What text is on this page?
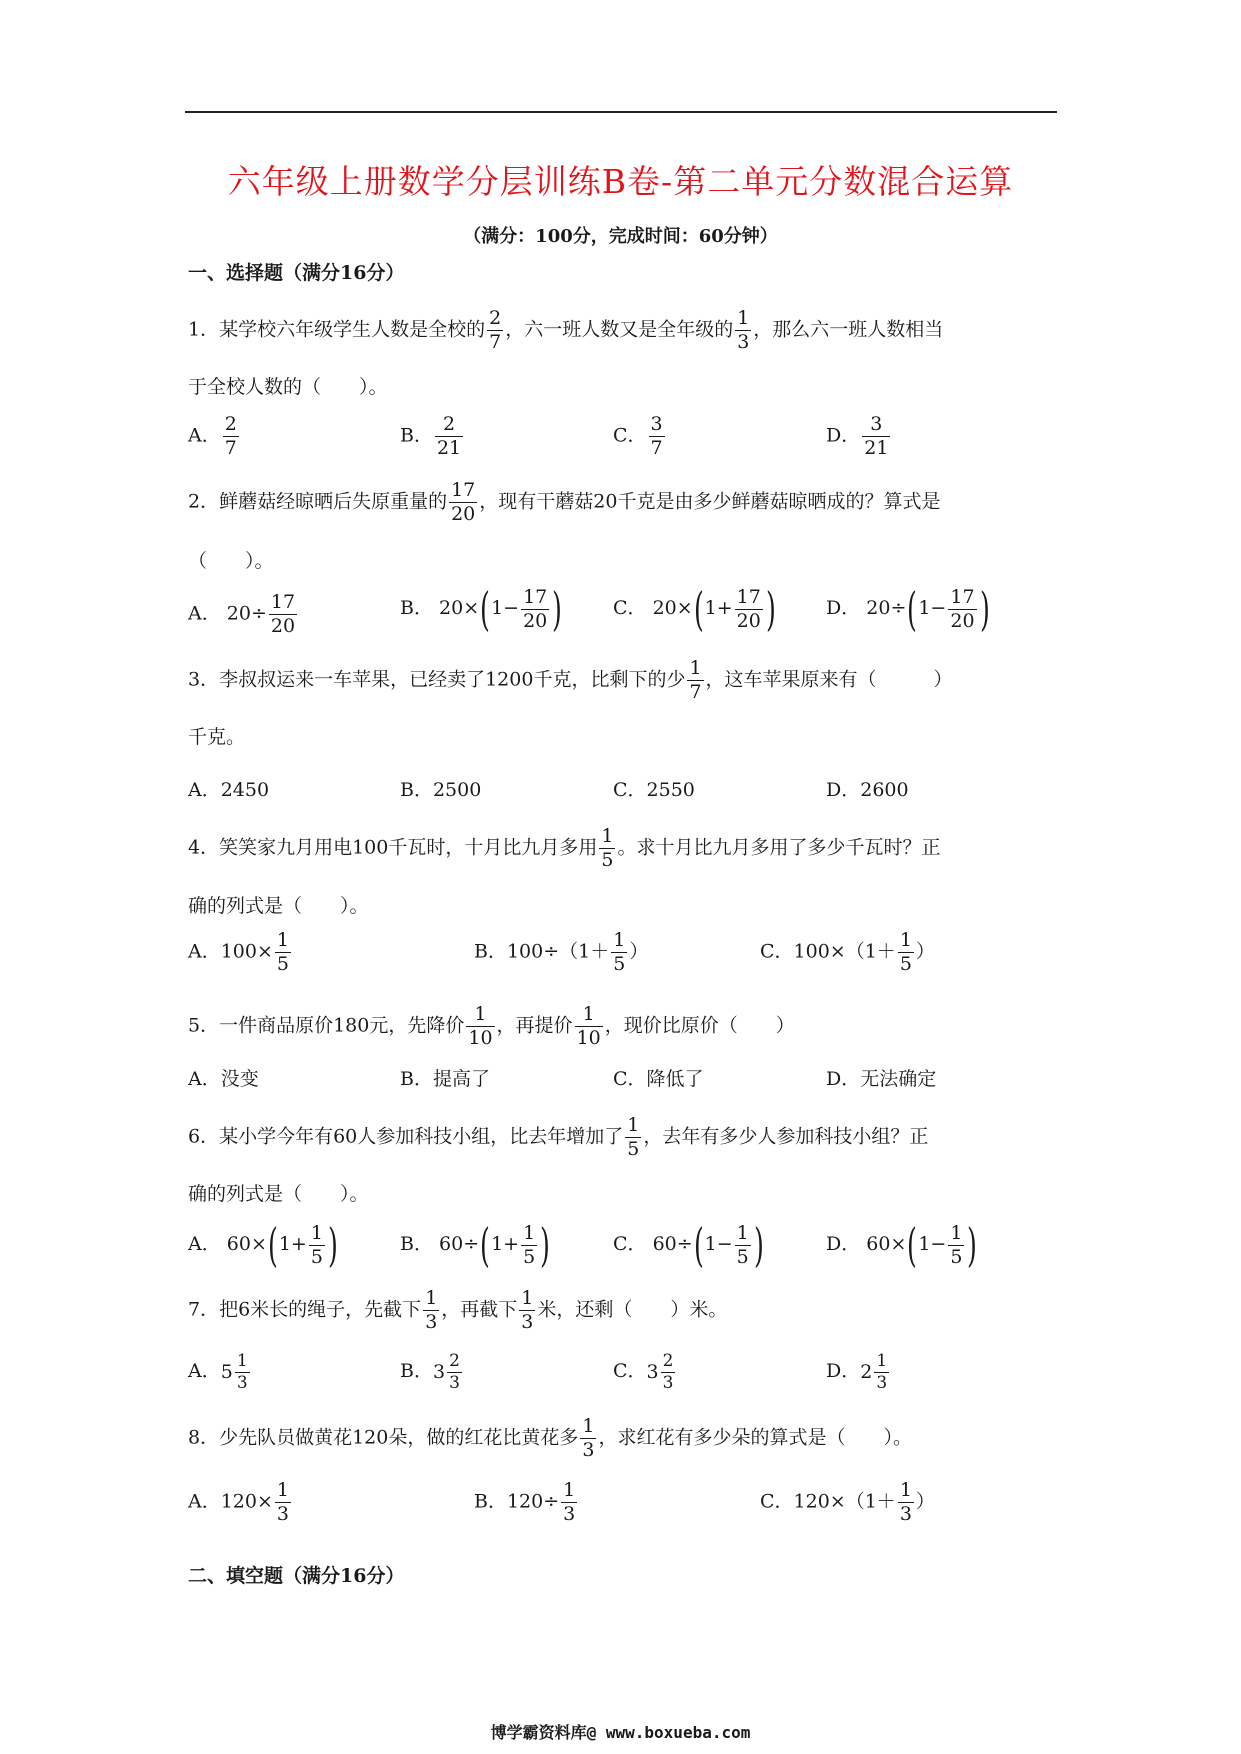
六年级上册数学分层训练B卷-第二单元分数混合运算
（满分：100分，完成时间：60分钟）
一、选择题（满分16分）
1．某学校六年级学生人数是全校的 $\frac{2}{7}$ ，六一班人数又是全年级的 $\frac{1}{3}$ ，那么六一班人数相当
于全校人数的（　　）。
A． $\frac{2}{7}$	B． $\frac{2}{21}$	C． $\frac{3}{7}$	D． $\frac{3}{21}$
2．鲜蘑菇经晾晒后失原重量的 $\frac{17}{20}$ ，现有干蘑菇20千克是由多少鲜蘑菇晾晒成的？算式是
（　　）。
A． $20\div \frac{17}{20}$	B． $20\times(1- \frac{17}{20}$ )	C． $20\times(1+ \frac{17}{20}$ )	D． $20\div(1- \frac{17}{20}$ )
3．李叔叔运来一车苹果，已经卖了1200千克，比剩下的少 $\frac{1}{7}$ ，这车苹果原来有（　　　）
千克。
A．2450	B．2500	C．2550	D．2600
4．笑笑家九月用电100千瓦时，十月比九月多用 $\frac{1}{5}$ 。求十月比九月多用了多少千瓦时？正
确的列式是（　　）。
A．$100\times \frac{1}{5}$	B．$100\div(1+ \frac{1}{5}$ ）	C．$100\times(1+ \frac{1}{5}$ ）
5．一件商品原价180元，先降价 $\frac{1}{10}$ ，再提价 $\frac{1}{10}$ ，现价比原价（　　）
A．没变	B．提高了	C．降低了	D．无法确定
6．某小学今年有60人参加科技小组，比去年增加了 $\frac{1}{5}$ ，去年有多少人参加科技小组？正
确的列式是（　　）。
A． $60\times(1+ \frac{1}{5}$ )	B． $60\div(1+ \frac{1}{5}$ )	C． $60\div(1- \frac{1}{5}$ )	D． $60\times(1- \frac{1}{5}$ )
7．把6米长的绳子，先截下 $\frac{1}{3}$ ，再截下 $\frac{1}{3}$ 米，还剩（　　）米。
A．$5 \frac{1}{3}$	B．$3 \frac{2}{3}$	C．$3 \frac{2}{3}$	D．$2 \frac{1}{3}$
8．少先队员做黄花120朵，做的红花比黄花多 $\frac{1}{3}$ ，求红花有多少朵的算式是（　　）。
A．$120\times \frac{1}{3}$	B．$120\div \frac{1}{3}$	C．$120\times(1+ \frac{1}{3}$ ）
二、填空题（满分16分）
博学霸资料库@ www.boxueba.com
